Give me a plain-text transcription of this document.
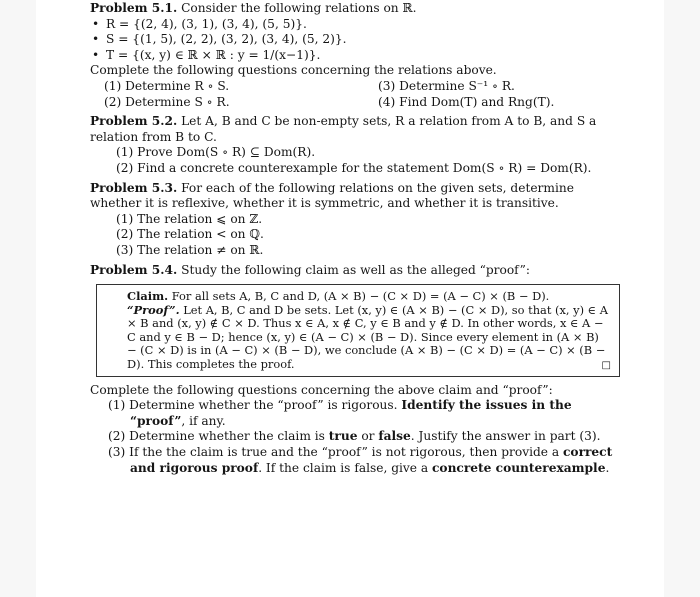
Problem 5.1. Consider the following relations on ℝ.

• R = {(2, 4), (3, 1), (3, 4), (5, 5)}.

• S = {(1, 5), (2, 2), (3, 2), (3, 4), (5, 2)}.

• T = {(x, y) ∈ ℝ × ℝ : y = 1/(x−1)}.

Complete the following questions concerning the relations above.

(1) Determine R ∘ S.

(2) Determine S ∘ R.

(3) Determine S⁻¹ ∘ R.

(4) Find Dom(T) and Rng(T).

Problem 5.2. Let A, B and C be non-empty sets, R a relation from A to B, and S a relation from B to C.

(1) Prove Dom(S ∘ R) ⊆ Dom(R).

(2) Find a concrete counterexample for the statement Dom(S ∘ R) = Dom(R).

Problem 5.3. For each of the following relations on the given sets, determine whether it is reflexive, whether it is symmetric, and whether it is transitive.

(1) The relation ⩽ on ℤ.

(2) The relation < on ℚ.

(3) The relation ≠ on ℝ.

Problem 5.4. Study the following claim as well as the alleged “proof”:

Claim. For all sets A, B, C and D, (A × B) − (C × D) = (A − C) × (B − D).

“Proof”. Let A, B, C and D be sets. Let (x, y) ∈ (A × B) − (C × D), so that (x, y) ∈ A × B and (x, y) ∉ C × D. Thus x ∈ A, x ∉ C, y ∈ B and y ∉ D. In other words, x ∈ A − C and y ∈ B − D; hence (x, y) ∈ (A − C) × (B − D). Since every element in (A × B) − (C × D) is in (A − C) × (B − D), we conclude (A × B) − (C × D) = (A − C) × (B − D). This completes the proof.	□

Complete the following questions concerning the above claim and “proof”:

(1) Determine whether the “proof” is rigorous. Identify the issues in the “proof”, if any.

(2) Determine whether the claim is true or false. Justify the answer in part (3).

(3) If the the claim is true and the “proof” is not rigorous, then provide a correct and rigorous proof. If the claim is false, give a concrete counterexample.
